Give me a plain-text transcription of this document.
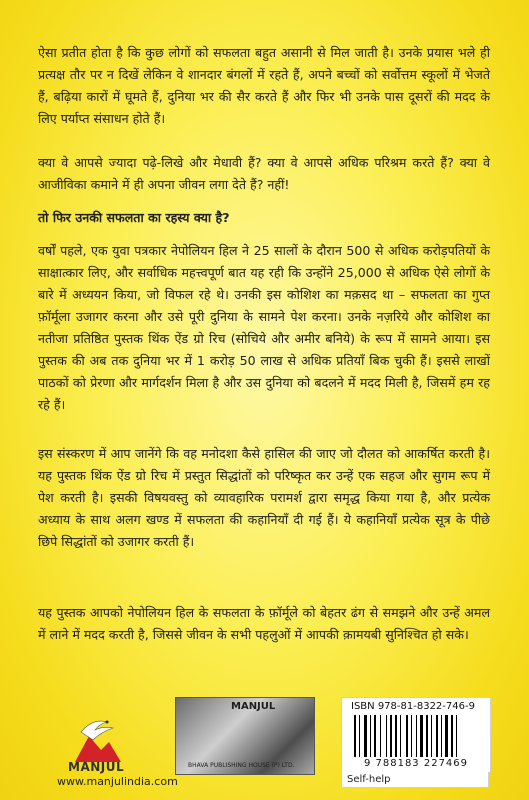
ऐसा प्रतीत होता है कि कुछ लोगों को सफलता बहुत असानी से मिल जाती है। उनके प्रयास भले ही प्रत्यक्ष तौर पर न दिखें लेकिन वे शानदार बंगलों में रहते हैं, अपने बच्चों को सर्वोत्तम स्कूलों में भेजते हैं, बढ़िया कारों में घूमते हैं, दुनिया भर की सैर करते हैं और फिर भी उनके पास दूसरों की मदद के लिए पर्याप्त संसाधन होते हैं।

क्या वे आपसे ज्यादा पढ़े-लिखे और मेधावी हैं? क्या वे आपसे अधिक परिश्रम करते हैं? क्या वे आजीविका कमाने में ही अपना जीवन लगा देते हैं? नहीं!

तो फिर उनकी सफलता का रहस्य क्या है?

वर्षों पहले, एक युवा पत्रकार नेपोलियन हिल ने 25 सालों के दौरान 500 से अधिक करोड़पतियों के साक्षात्कार लिए, और सर्वाधिक महत्त्वपूर्ण बात यह रही कि उन्होंने 25,000 से अधिक ऐसे लोगों के बारे में अध्ययन किया, जो विफल रहे थे। उनकी इस कोशिश का मक़सद था – सफलता का गुप्त फ़ॉर्मूला उजागर करना और उसे पूरी दुनिया के सामने पेश करना। उनके नज़रिये और कोशिश का नतीजा प्रतिष्ठित पुस्तक थिंक ऐंड ग्रो रिच (सोचिये और अमीर बनिये) के रूप में सामने आया। इस पुस्तक की अब तक दुनिया भर में 1 करोड़ 50 लाख से अधिक प्रतियाँ बिक चुकी हैं। इससे लाखों पाठकों को प्रेरणा और मार्गदर्शन मिला है और उस दुनिया को बदलने में मदद मिली है, जिसमें हम रह रहे हैं।

इस संस्करण में आप जानेंगे कि वह मनोदशा कैसे हासिल की जाए जो दौलत को आकर्षित करती है। यह पुस्तक थिंक ऐंड ग्रो रिच में प्रस्तुत सिद्धांतों को परिष्कृत कर उन्हें एक सहज और सुगम रूप में पेश करती है। इसकी विषयवस्तु को व्यावहारिक परामर्श द्वारा समृद्ध किया गया है, और प्रत्येक अध्याय के साथ अलग खण्ड में सफलता की कहानियाँ दी गई हैं। ये कहानियाँ प्रत्येक सूत्र के पीछे छिपे सिद्धांतों को उजागर करती हैं।

यह पुस्तक आपको नेपोलियन हिल के सफलता के फ़ॉर्मूले को बेहतर ढंग से समझने और उन्हें अमल में लाने में मदद करती है, जिससे जीवन के सभी पहलुओं में आपकी क़ामयबी सुनिश्चित हो सके।

MANJUL
www.manjulindia.com
MANJUL
BHAVA PUBLISHING HOUSE (P) LTD.
ISBN 978-81-8322-746-9
9 788183 227469
Self-help
